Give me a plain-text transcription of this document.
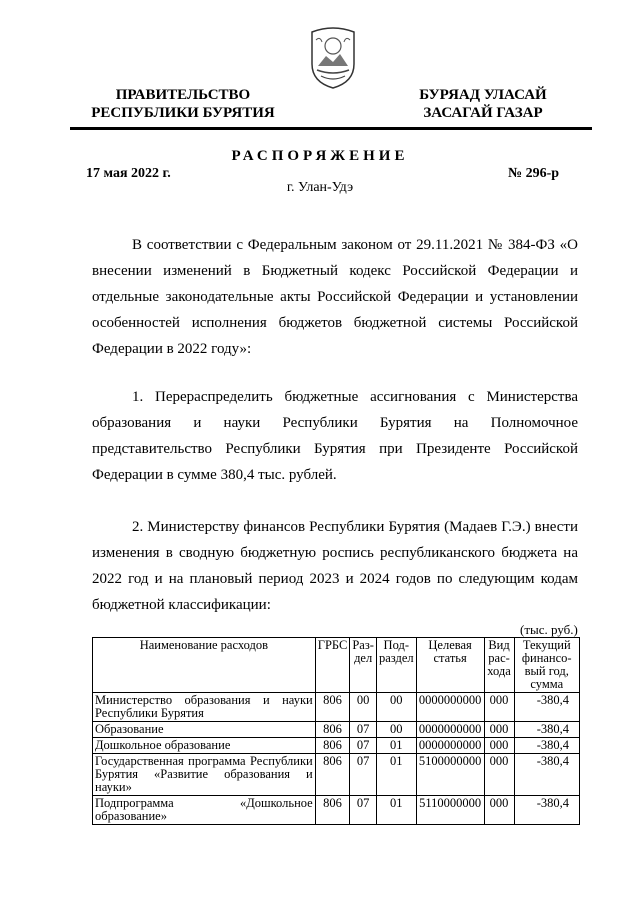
ПРАВИТЕЛЬСТВО
РЕСПУБЛИКИ БУРЯТИЯ
БУРЯАД УЛАСАЙ
ЗАСАГАЙ ГАЗАР
РАСПОРЯЖЕНИЕ
17 мая 2022 г.	№ 296-р
г. Улан-Удэ
В соответствии с Федеральным законом от 29.11.2021 № 384-ФЗ «О внесении изменений в Бюджетный кодекс Российской Федерации и отдельные законодательные акты Российской Федерации и установлении особенностей исполнения бюджетов бюджетной системы Российской Федерации в 2022 году»:
1. Перераспределить бюджетные ассигнования с Министерства образования и науки Республики Бурятия на Полномочное представительство Республики Бурятия при Президенте Российской Федерации в сумме 380,4 тыс. рублей.
2. Министерству финансов Республики Бурятия (Мадаев Г.Э.) внести изменения в сводную бюджетную роспись республиканского бюджета на 2022 год и на плановый период 2023 и 2024 годов по следующим кодам бюджетной классификации:
(тыс. руб.)
Наименование расходов	ГРБС	Раз-дел	Под-раздел	Целевая статья	Вид рас-хода	Текущий финансо-вый год, сумма
Министерство образования и науки Республики Бурятия	806	00	00	0000000000	000	-380,4
Образование	806	07	00	0000000000	000	-380,4
Дошкольное образование	806	07	01	0000000000	000	-380,4
Государственная программа Республики Бурятия «Развитие образования и науки»	806	07	01	5100000000	000	-380,4
Подпрограмма «Дошкольное образование»	806	07	01	5110000000	000	-380,4
